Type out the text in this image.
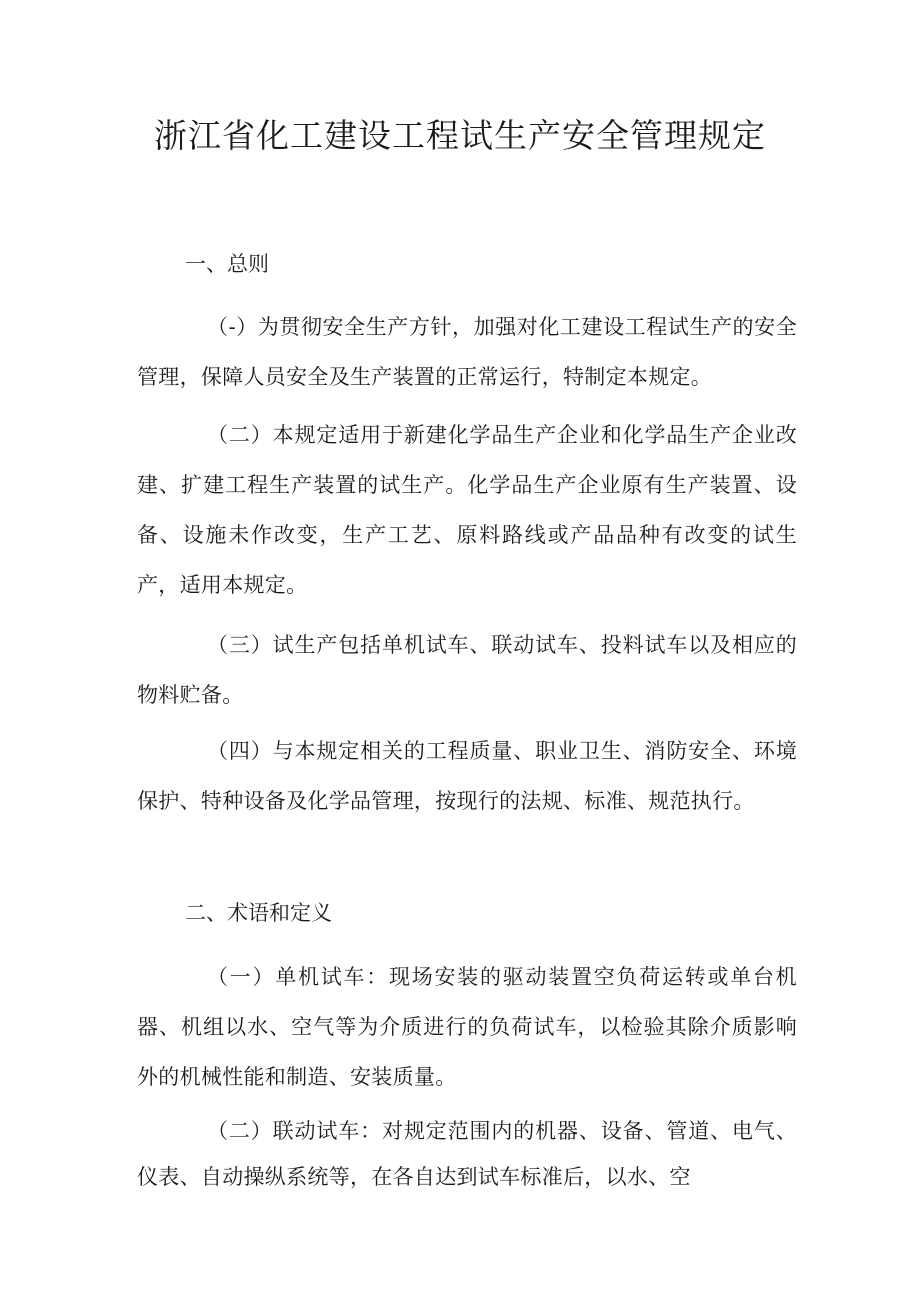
浙江省化工建设工程试生产安全管理规定

一、总则

（-）为贯彻安全生产方针，加强对化工建设工程试生产的安全管理，保障人员安全及生产装置的正常运行，特制定本规定。

（二）本规定适用于新建化学品生产企业和化学品生产企业改建、扩建工程生产装置的试生产。化学品生产企业原有生产装置、设备、设施未作改变，生产工艺、原料路线或产品品种有改变的试生产，适用本规定。

（三）试生产包括单机试车、联动试车、投料试车以及相应的物料贮备。

（四）与本规定相关的工程质量、职业卫生、消防安全、环境保护、特种设备及化学品管理，按现行的法规、标准、规范执行。

二、术语和定义

（一）单机试车：现场安装的驱动装置空负荷运转或单台机器、机组以水、空气等为介质进行的负荷试车，以检验其除介质影响外的机械性能和制造、安装质量。

（二）联动试车：对规定范围内的机器、设备、管道、电气、仪表、自动操纵系统等，在各自达到试车标准后，以水、空
